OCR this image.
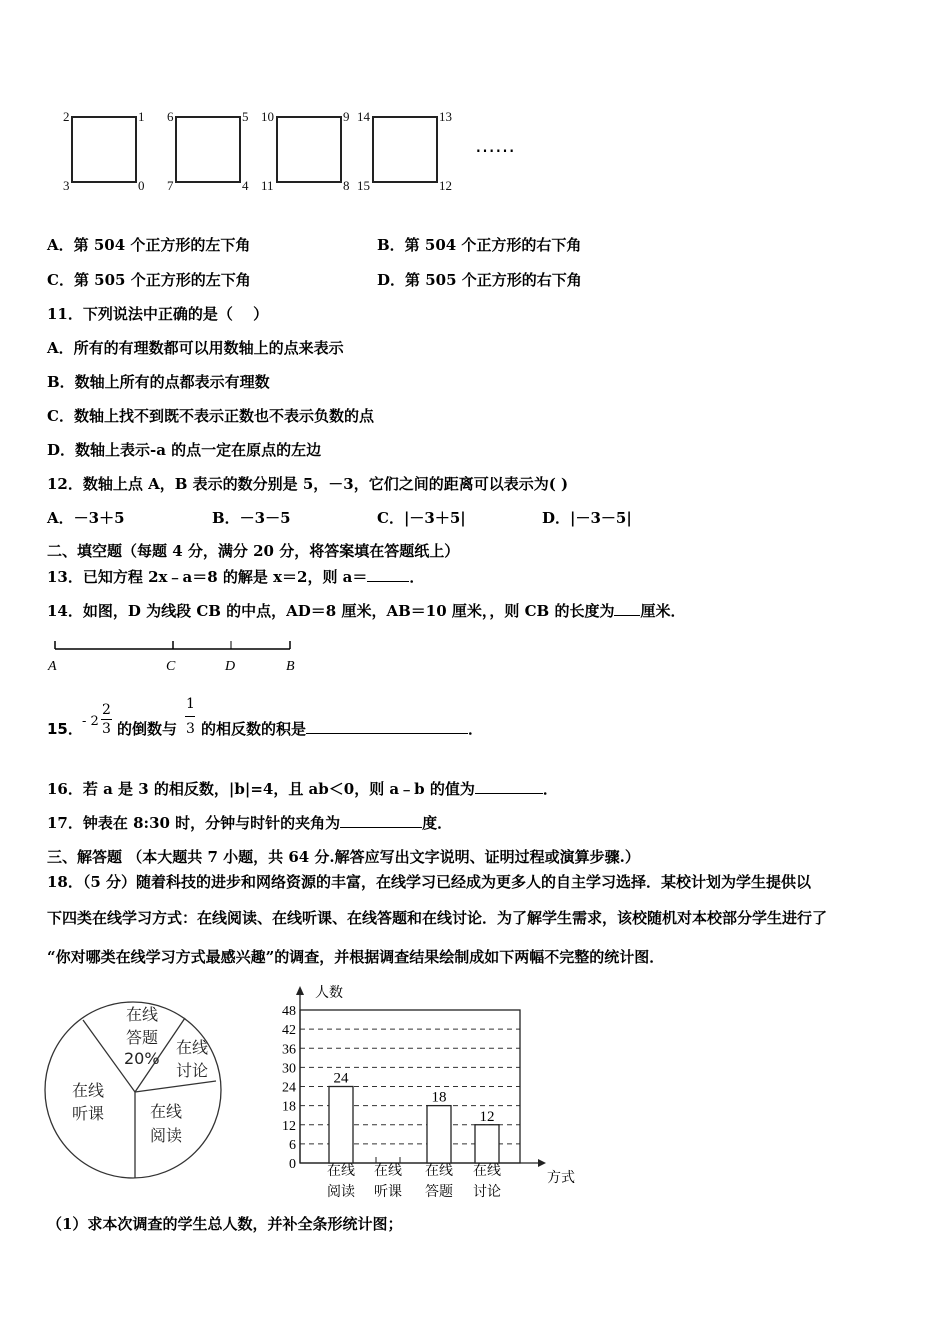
2	1
3	0
6	5
7	4
10	9
11	8
14	13
15	12
……
A	C	D	B
在线
答题
20%
在线
讨论
在线
阅读
在线
听课
0
6
12
18
24
30
36
42
48
人数
方式
在线
阅读
24
在线
听课
在线
答题
18
在线
讨论
12
A．第 504 个正方形的左下角	B．第 504 个正方形的右下角
C．第 505 个正方形的左下角	D．第 505 个正方形的右下角
11．下列说法中正确的是（　 ）
A．所有的有理数都可以用数轴上的点来表示
B．数轴上所有的点都表示有理数
C．数轴上找不到既不表示正数也不表示负数的点
D．数轴上表示-a 的点一定在原点的左边
12．数轴上点 A，B 表示的数分别是 5，－3，它们之间的距离可以表示为( )
A．－3＋5	B．－3－5	C．|－3＋5|	D．|－3－5|
二、填空题（每题 4 分，满分 20 分，将答案填在答题纸上）
13．已知方程 2x﹣a＝8 的解是 x＝2，则 a＝	．
14．如图，D 为线段 CB 的中点，AD＝8 厘米，AB＝10 厘米，，则 CB 的长度为 厘米．
15． - 2
2
3 的倒数与
1
3 的相反数的积是	．
16．若 a 是 3 的相反数，|b|=4，且 ab＜0，则 a﹣b 的值为	．
17．钟表在 8:30 时，分钟与时针的夹角为	度．
三、解答题 （本大题共 7 小题，共 64 分.解答应写出文字说明、证明过程或演算步骤.）
18．（5 分）随着科技的进步和网络资源的丰富，在线学习已经成为更多人的自主学习选择．某校计划为学生提供以
下四类在线学习方式：在线阅读、在线听课、在线答题和在线讨论．为了解学生需求，该校随机对本校部分学生进行了
“你对哪类在线学习方式最感兴趣”的调查，并根据调查结果绘制成如下两幅不完整的统计图．
（1）求本次调查的学生总人数，并补全条形统计图；
